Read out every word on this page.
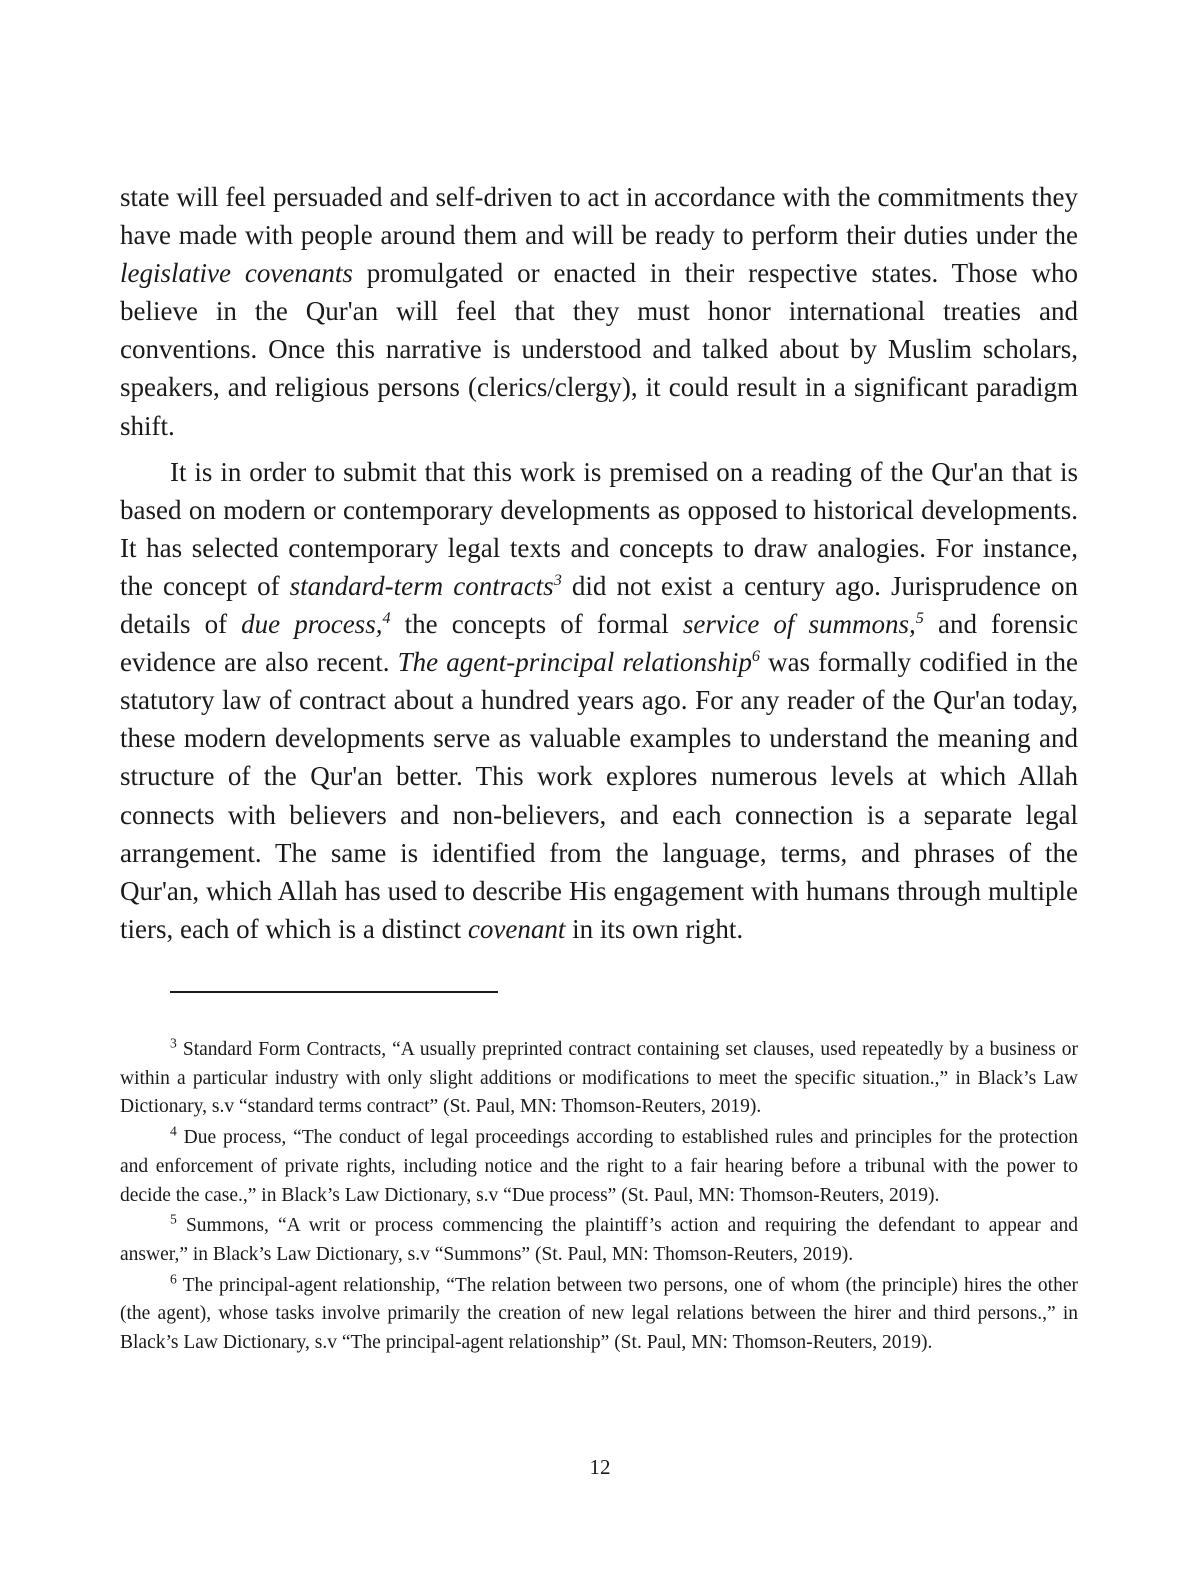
state will feel persuaded and self-driven to act in accordance with the commitments they have made with people around them and will be ready to perform their duties under the legislative covenants promulgated or enacted in their respective states. Those who believe in the Qur'an will feel that they must honor international treaties and conventions. Once this narrative is understood and talked about by Muslim scholars, speakers, and religious persons (clerics/clergy), it could result in a significant paradigm shift.

It is in order to submit that this work is premised on a reading of the Qur'an that is based on modern or contemporary developments as opposed to historical developments. It has selected contemporary legal texts and concepts to draw analogies. For instance, the concept of standard-term contracts$^3$ did not exist a century ago. Jurisprudence on details of due process,$^4$ the concepts of formal service of summons,$^5$ and forensic evidence are also recent. The agent-principal relationship$^6$ was formally codified in the statutory law of contract about a hundred years ago. For any reader of the Qur'an today, these modern developments serve as valuable examples to understand the meaning and structure of the Qur'an better. This work explores numerous levels at which Allah connects with believers and non-believers, and each connection is a separate legal arrangement. The same is identified from the language, terms, and phrases of the Qur'an, which Allah has used to describe His engagement with humans through multiple tiers, each of which is a distinct covenant in its own right.

$^3$ Standard Form Contracts, “A usually preprinted contract containing set clauses, used repeatedly by a business or within a particular industry with only slight additions or modifications to meet the specific situation.,” in Black’s Law Dictionary, s.v “standard terms contract” (St. Paul, MN: Thomson-Reuters, 2019).

$^4$ Due process, “The conduct of legal proceedings according to established rules and principles for the protection and enforcement of private rights, including notice and the right to a fair hearing before a tribunal with the power to decide the case.,” in Black’s Law Dictionary, s.v “Due process” (St. Paul, MN: Thomson-Reuters, 2019).

$^5$ Summons, “A writ or process commencing the plaintiff’s action and requiring the defendant to appear and answer,” in Black’s Law Dictionary, s.v “Summons” (St. Paul, MN: Thomson-Reuters, 2019).

$^6$ The principal-agent relationship, “The relation between two persons, one of whom (the principle) hires the other (the agent), whose tasks involve primarily the creation of new legal relations between the hirer and third persons.,” in Black’s Law Dictionary, s.v “The principal-agent relationship” (St. Paul, MN: Thomson-Reuters, 2019).

12
